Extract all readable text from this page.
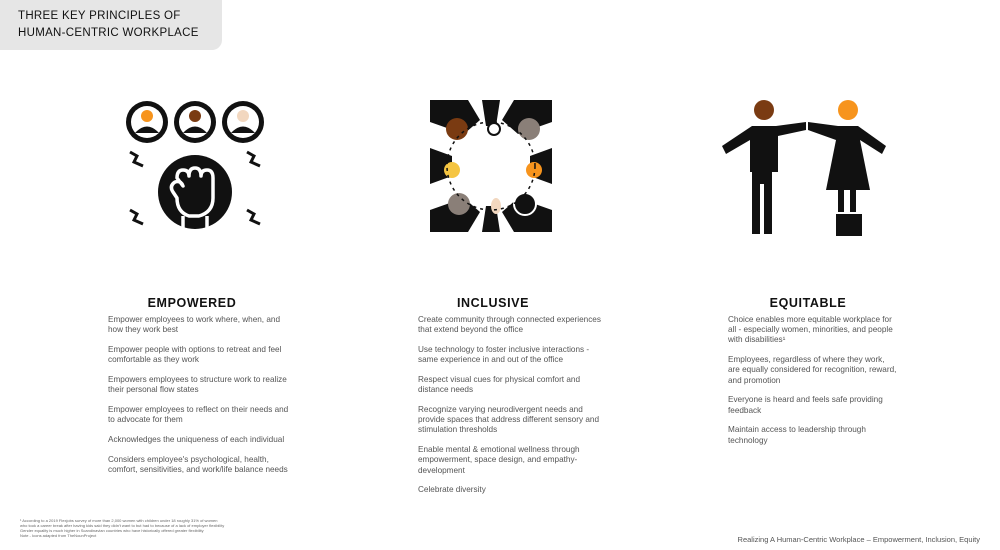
THREE KEY PRINCIPLES OF
HUMAN-CENTRIC WORKPLACE
EMPOWERED	INCLUSIVE	EQUITABLE

Empower employees to work where, when, and how they work best

Empower people with options to retreat and feel comfortable as they work

Empowers employees to structure work to realize their personal flow states

Empower employees to reflect on their needs and to advocate for them

Acknowledges the uniqueness of each individual

Considers employee's psychological, health, comfort, sensitivities, and work/life balance needs

Create community through connected experiences that extend beyond the office

Use technology to foster inclusive interactions - same experience in and out of the office

Respect visual cues for physical comfort and distance needs

Recognize varying neurodivergent needs and provide spaces that address different sensory and stimulation thresholds

Enable mental & emotional wellness through empowerment, space design, and empathy-development

Celebrate diversity

Choice enables more equitable workplace for all - especially women, minorities, and people with disabilities¹

Employees, regardless of where they work, are equally considered for recognition, reward, and promotion

Everyone is heard and feels safe providing feedback

Maintain access to leadership through technology

¹ According to a 2019 Flexjobs survey of more than 2,000 women with children under 18 roughly 31% of women
who took a career break after having kids said they didn't want to but had to because of a lack of employer flexibility
Gender equality is much higher in Scandinavian countries who have historically offered greater flexibility
Note - Icons adapted from TheNounProject	Realizing A Human-Centric Workplace – Empowerment, Inclusion, Equity
